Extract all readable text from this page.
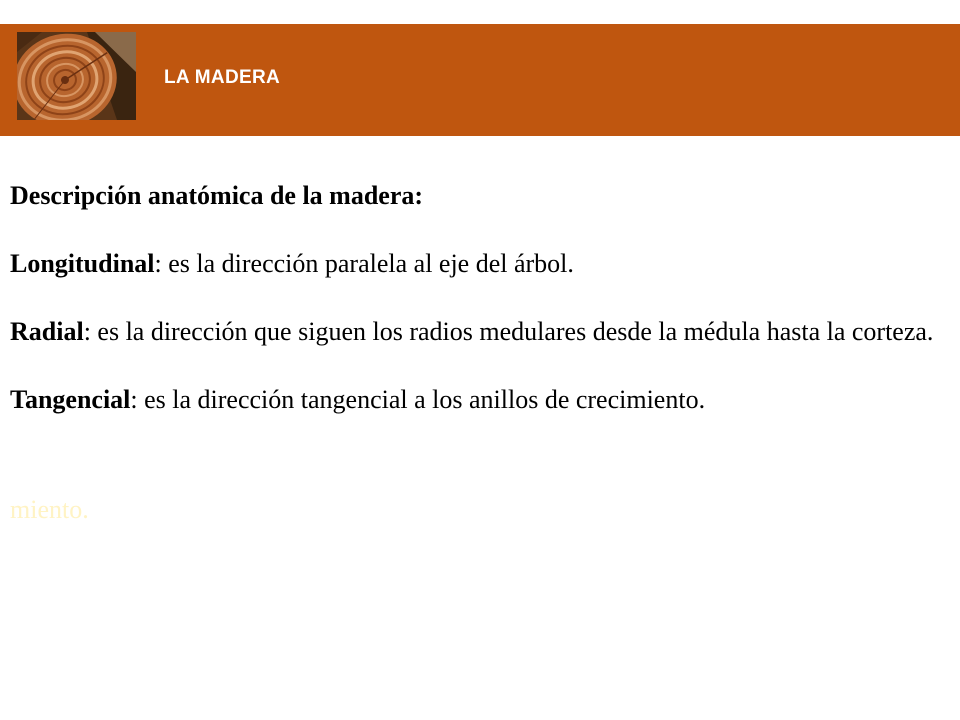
LA MADERA

Descripción anatómica de la madera:

Longitudinal: es la dirección paralela al eje del árbol.

Radial: es la dirección que siguen los radios medulares desde la médula hasta la corteza.

Tangencial: es la dirección tangencial a los anillos de crecimiento.

miento.
